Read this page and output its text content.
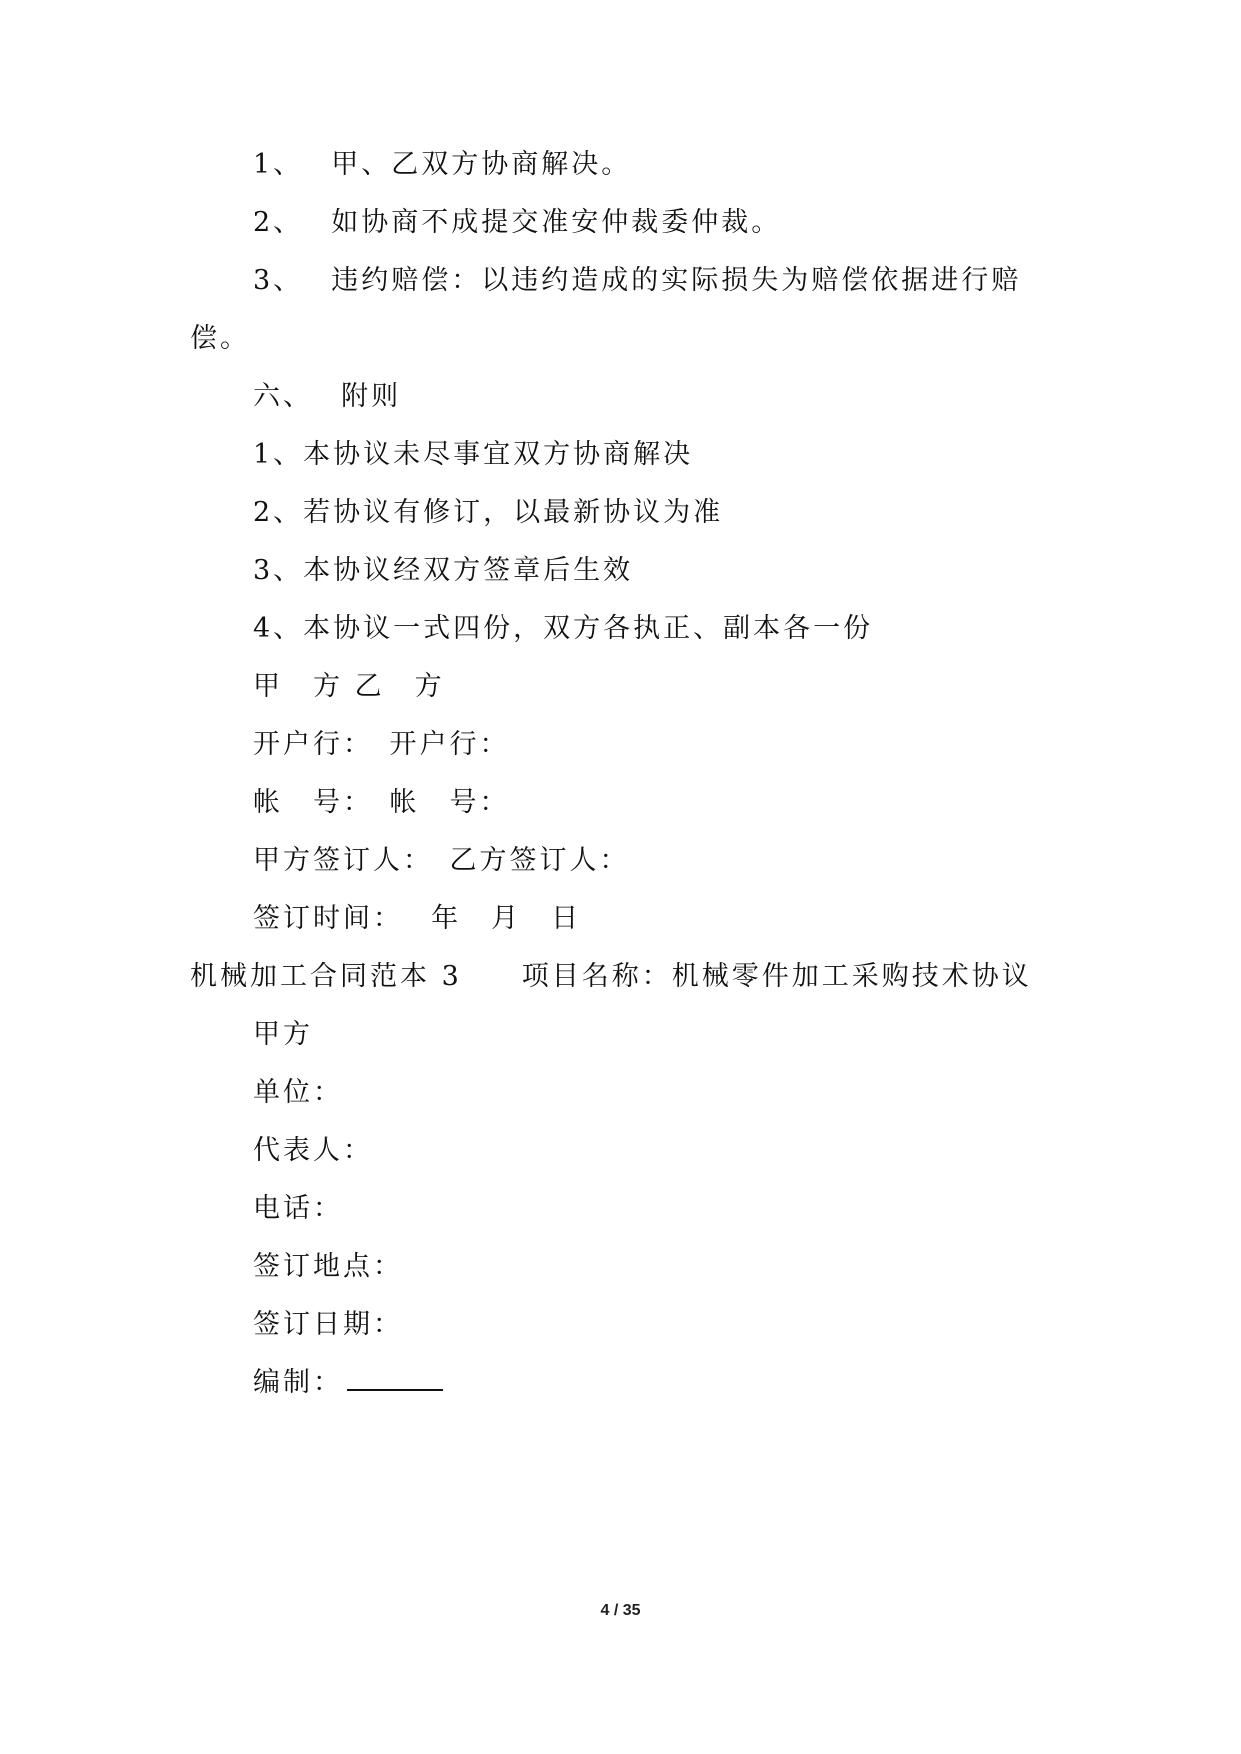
1、　 甲、乙双方协商解决。
2、　 如协商不成提交准安仲裁委仲裁。
3、　 违约赔偿：以违约造成的实际损失为赔偿依据进行赔
偿。
六、　 附则
1、本协议未尽事宜双方协商解决
2、若协议有修订，以最新协议为准
3、本协议经双方签章后生效
4、本协议一式四份，双方各执正、副本各一份
甲　方 乙　方
开户行：　开户行：
帐　号：　帐　号：
甲方签订人：　乙方签订人：
签订时间：　 年　月　日
机械加工合同范本 3　　项目名称：机械零件加工采购技术协议
甲方
单位：
代表人：
电话：
签订地点：
签订日期：
编制：
4 / 35
